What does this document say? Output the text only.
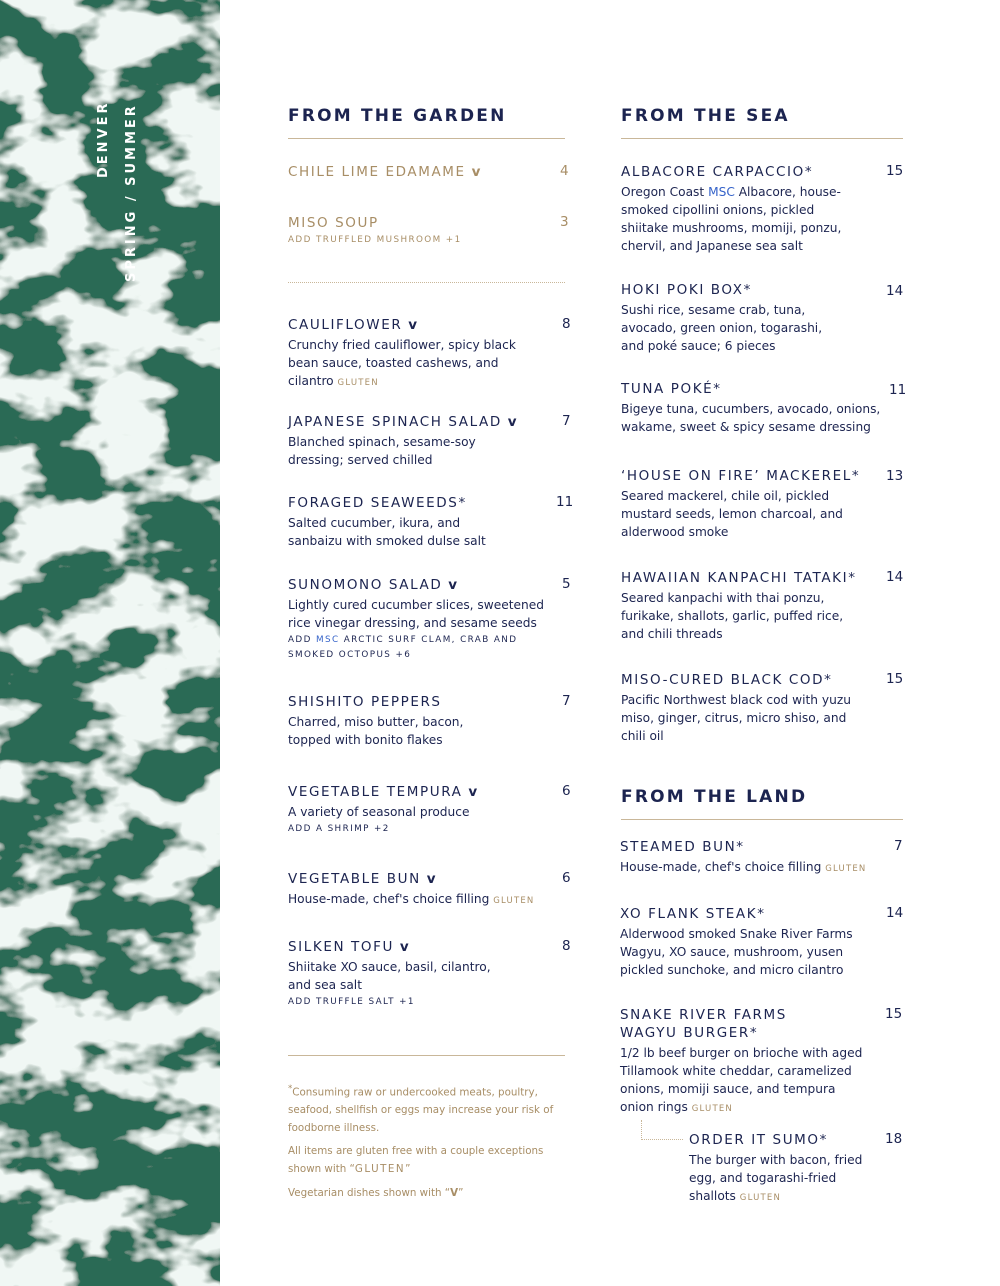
DENVER SPRING / SUMMER	FROM THE GARDEN
CHILE LIME EDAMAME v	4
MISO SOUP	3
ADD TRUFFLED MUSHROOM +1
CAULIFLOWER v	8
Crunchy fried cauliflower, spicy black bean sauce, toasted cashews, and cilantro GLUTEN
JAPANESE SPINACH SALAD v	7
Blanched spinach, sesame-soy dressing; served chilled
FORAGED SEAWEEDS*	11
Salted cucumber, ikura, and sanbaizu with smoked dulse salt
SUNOMONO SALAD v	5
Lightly cured cucumber slices, sweetened rice vinegar dressing, and sesame seeds
ADD MSC ARCTIC SURF CLAM, CRAB AND SMOKED OCTOPUS +6
SHISHITO PEPPERS	7
Charred, miso butter, bacon, topped with bonito flakes
VEGETABLE TEMPURA v	6
A variety of seasonal produce
ADD A SHRIMP +2
VEGETABLE BUN v	6
House-made, chef's choice filling GLUTEN
SILKEN TOFU v	8
Shiitake XO sauce, basil, cilantro, and sea salt
ADD TRUFFLE SALT +1
*Consuming raw or undercooked meats, poultry, seafood, shellfish or eggs may increase your risk of foodborne illness.
All items are gluten free with a couple exceptions shown with “GLUTEN”
Vegetarian dishes shown with “V”
FROM THE SEA
ALBACORE CARPACCIO*	15
Oregon Coast MSC Albacore, house-smoked cipollini onions, pickled shiitake mushrooms, momiji, ponzu, chervil, and Japanese sea salt
HOKI POKI BOX*	14
Sushi rice, sesame crab, tuna, avocado, green onion, togarashi, and poké sauce; 6 pieces
TUNA POKÉ*	11
Bigeye tuna, cucumbers, avocado, onions, wakame, sweet & spicy sesame dressing
‘HOUSE ON FIRE’ MACKEREL*	13
Seared mackerel, chile oil, pickled mustard seeds, lemon charcoal, and alderwood smoke
HAWAIIAN KANPACHI TATAKI*	14
Seared kanpachi with thai ponzu, furikake, shallots, garlic, puffed rice, and chili threads
MISO-CURED BLACK COD*	15
Pacific Northwest black cod with yuzu miso, ginger, citrus, micro shiso, and chili oil
FROM THE LAND
STEAMED BUN*	7
House-made, chef's choice filling GLUTEN
XO FLANK STEAK*	14
Alderwood smoked Snake River Farms Wagyu, XO sauce, mushroom, yusen pickled sunchoke, and micro cilantro
SNAKE RIVER FARMS WAGYU BURGER*
15
1/2 lb beef burger on brioche with aged Tillamook white cheddar, caramelized onions, momiji sauce, and tempura onion rings GLUTEN
ORDER IT SUMO*	18
The burger with bacon, fried egg, and togarashi-fried shallots GLUTEN
